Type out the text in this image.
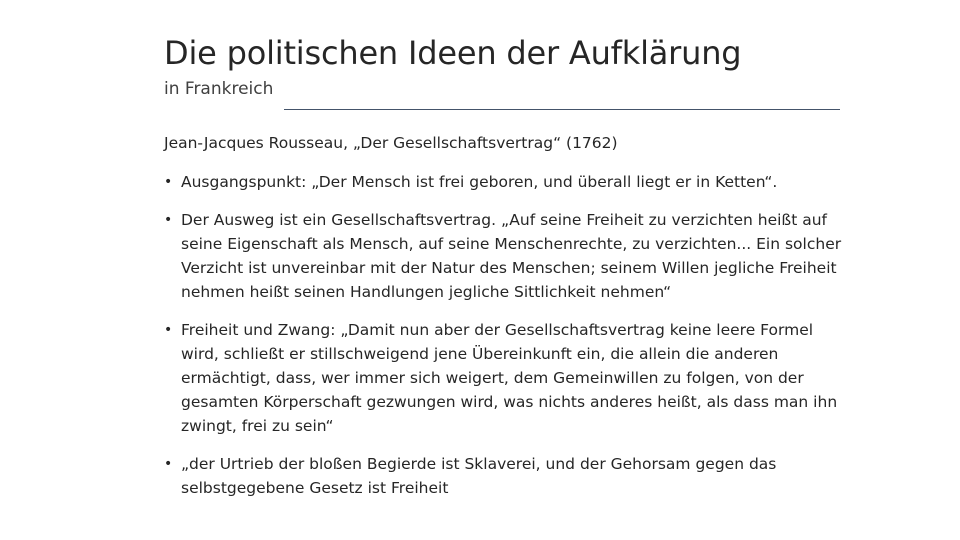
Die politischen Ideen der Aufklärung
in Frankreich
Jean-Jacques Rousseau, „Der Gesellschaftsvertrag“ (1762)
• Ausgangspunkt: „Der Mensch ist frei geboren, und überall liegt er in Ketten“.
• Der Ausweg ist ein Gesellschaftsvertrag. „Auf seine Freiheit zu verzichten heißt auf seine Eigenschaft als Mensch, auf seine Menschenrechte, zu verzichten... Ein solcher Verzicht ist unvereinbar mit der Natur des Menschen; seinem Willen jegliche Freiheit nehmen heißt seinen Handlungen jegliche Sittlichkeit nehmen“
• Freiheit und Zwang: „Damit nun aber der Gesellschaftsvertrag keine leere Formel wird, schließt er stillschweigend jene Übereinkunft ein, die allein die anderen ermächtigt, dass, wer immer sich weigert, dem Gemeinwillen zu folgen, von der gesamten Körperschaft gezwungen wird, was nichts anderes heißt, als dass man ihn zwingt, frei zu sein“
• „der Urtrieb der bloßen Begierde ist Sklaverei, und der Gehorsam gegen das selbstgegebene Gesetz ist Freiheit
